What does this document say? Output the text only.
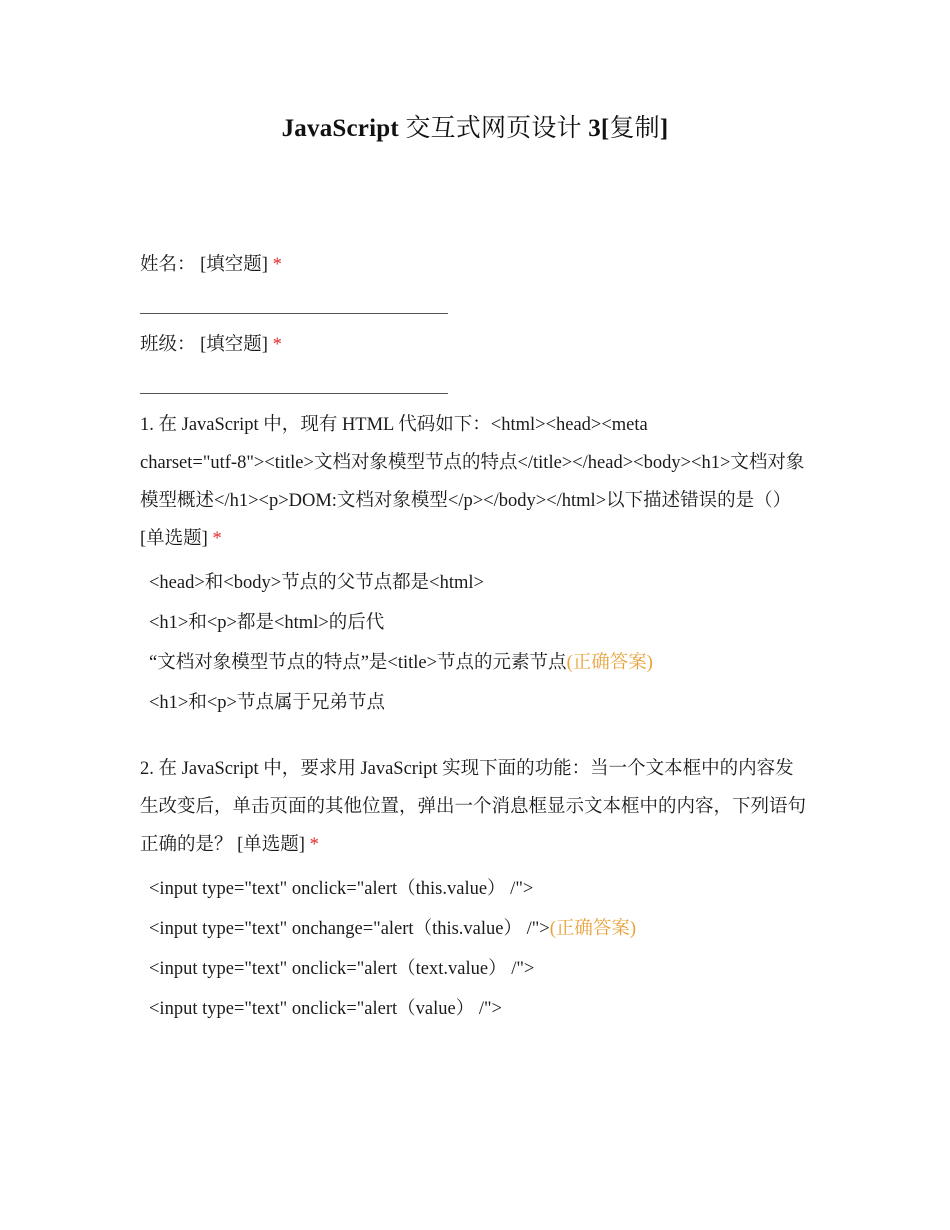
JavaScript 交互式网页设计 3[复制]
姓名： [填空题] *
班级： [填空题] *
1. 在 JavaScript 中，现有 HTML 代码如下：<html><head><meta
charset="utf-8"><title>文档对象模型节点的特点</title></head><body><h1>文档对象
模型概述</h1><p>DOM:文档对象模型</p></body></html>以下描述错误的是（）
[单选题] *
<head>和<body>节点的父节点都是<html>
<h1>和<p>都是<html>的后代
“文档对象模型节点的特点”是<title>节点的元素节点(正确答案)
<h1>和<p>节点属于兄弟节点
2. 在 JavaScript 中，要求用 JavaScript 实现下面的功能：当一个文本框中的内容发
生改变后，单击页面的其他位置，弹出一个消息框显示文本框中的内容，下列语句
正确的是？ [单选题] *
<input type="text" onclick="alert（this.value） /">
<input type="text" onchange="alert（this.value） /">(正确答案)
<input type="text" onclick="alert（text.value） /">
<input type="text" onclick="alert（value） /">
